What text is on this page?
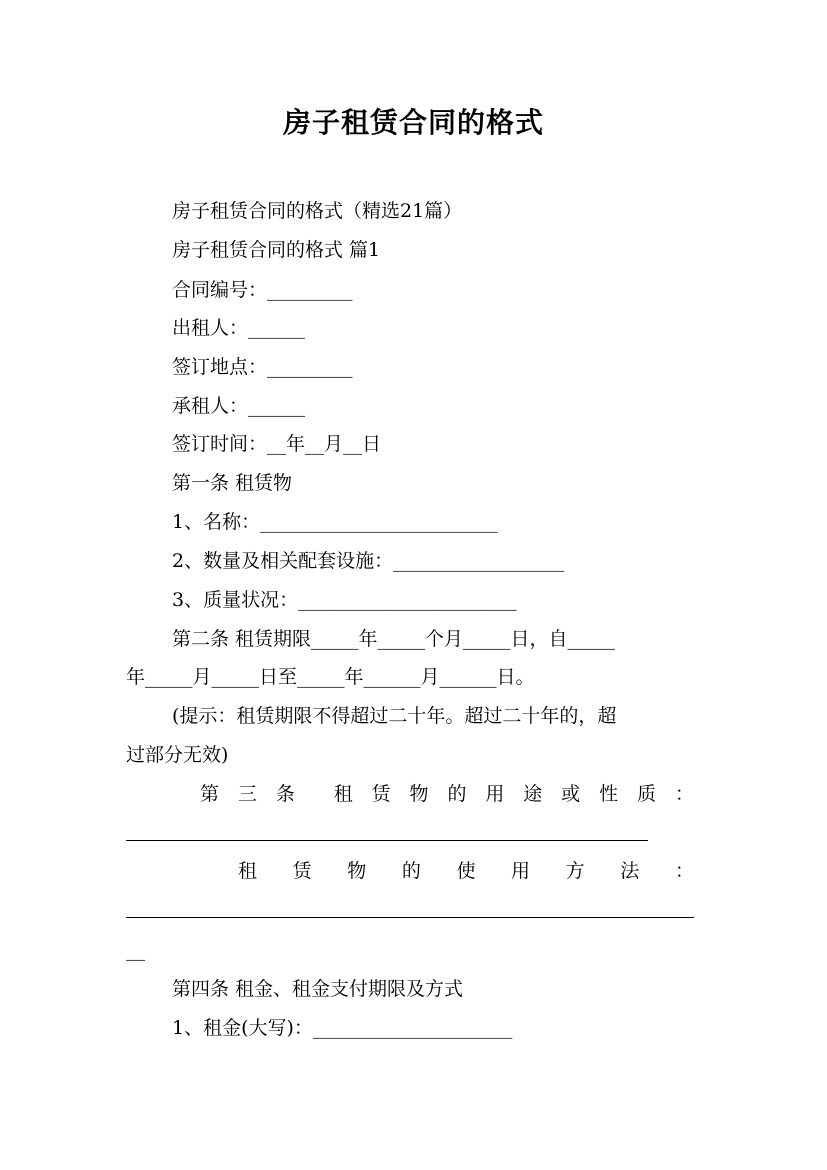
房子租赁合同的格式
房子租赁合同的格式（精选21篇）
房子租赁合同的格式 篇1
合同编号：_________
出租人：______
签订地点：_________
承租人：______
签订时间：__年__月__日
第一条 租赁物
1、名称：_________________________
2、数量及相关配套设施：__________________
3、质量状况：_______________________
第二条 租赁期限_____年_____个月_____日，自_____
年_____月_____日至_____年______月______日。
(提示：租赁期限不得超过二十年。超过二十年的，超
过部分无效)
第 三 条 租 赁 物 的 用 途 或 性 质 ：
租 赁 物 的 使 用 方 法 ：
__
第四条 租金、租金支付期限及方式
1、租金(大写)：_____________________
